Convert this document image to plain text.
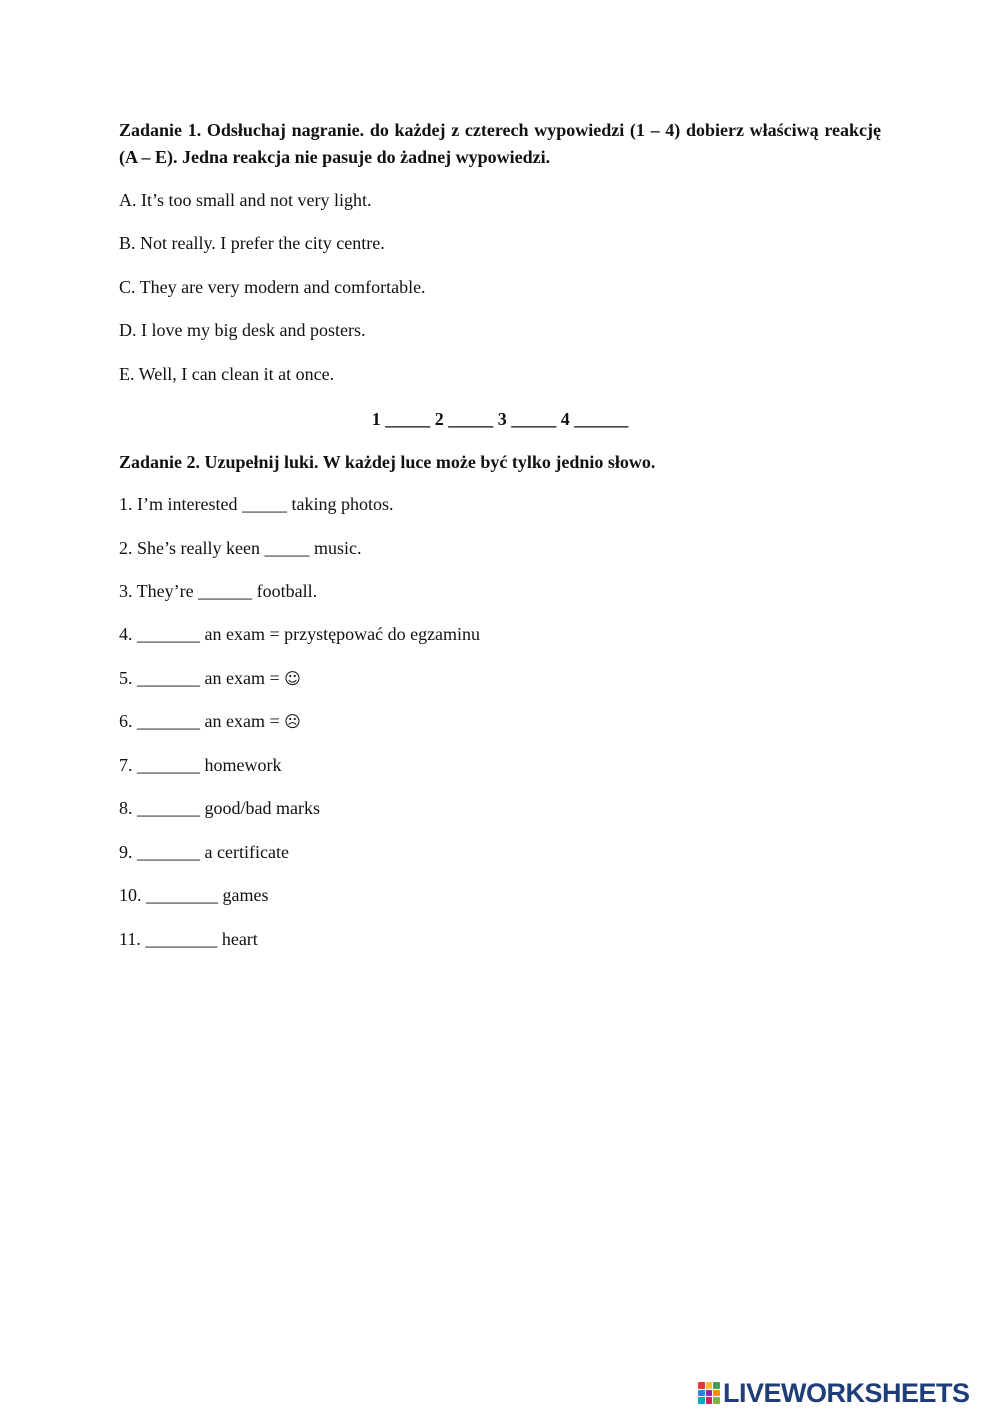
Zadanie 1. Odsłuchaj nagranie. do każdej z czterech wypowiedzi (1 – 4) dobierz właściwą reakcję (A – E). Jedna reakcja nie pasuje do żadnej wypowiedzi.
A. It’s too small and not very light.
B. Not really. I prefer the city centre.
C. They are very modern and comfortable.
D. I love my big desk and posters.
E. Well, I can clean it at once.
1 _____ 2 _____ 3 _____ 4 ______
Zadanie 2. Uzupełnij luki. W każdej luce może być tylko jednio słowo.
1. I’m interested _____ taking photos.
2. She’s really keen _____ music.
3. They’re ______ football.
4. _______ an exam = przystępować do egzaminu
5. _______ an exam = ☺
6. _______ an exam = ☹
7. _______ homework
8. _______ good/bad marks
9. _______ a certificate
10. ________ games
11. ________ heart
LIVEWORKSHEETS
